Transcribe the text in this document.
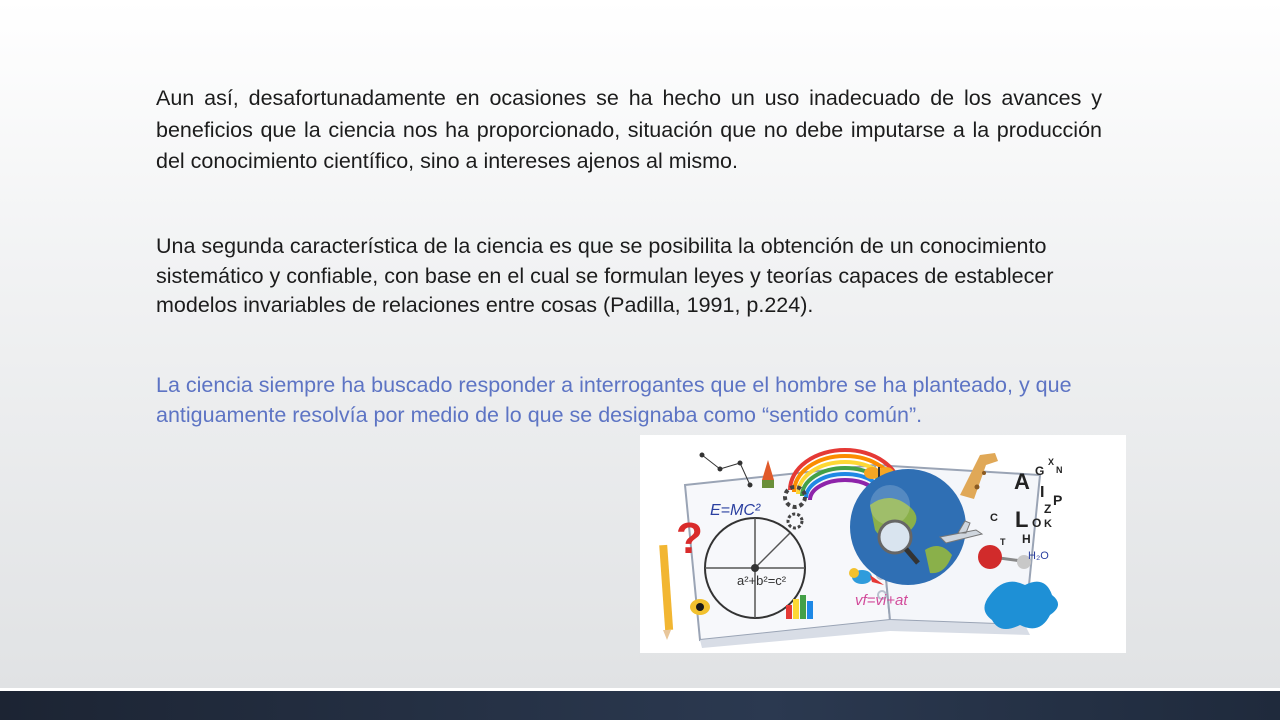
Aun así, desafortunadamente en ocasiones se ha hecho un uso inadecuado de los avances y beneficios que la ciencia nos ha proporcionado, situación que no debe imputarse a la producción del conocimiento científico, sino a intereses ajenos al mismo.

Una segunda característica de la ciencia es que se posibilita la obtención de un conocimiento sistemático y confiable, con base en el cual se formulan leyes y teorías capaces de establecer modelos invariables de relaciones entre cosas (Padilla, 1991, p.224).

La ciencia siempre ha buscado responder a interrogantes que el hombre se ha planteado, y que antiguamente resolvía por medio de lo que se designaba como “sentido común”.

E=MC²
a²+b²=c²
vf=vi+at
A G
X
N
P
I
Z
C L O K
H
T
H₂O
?
